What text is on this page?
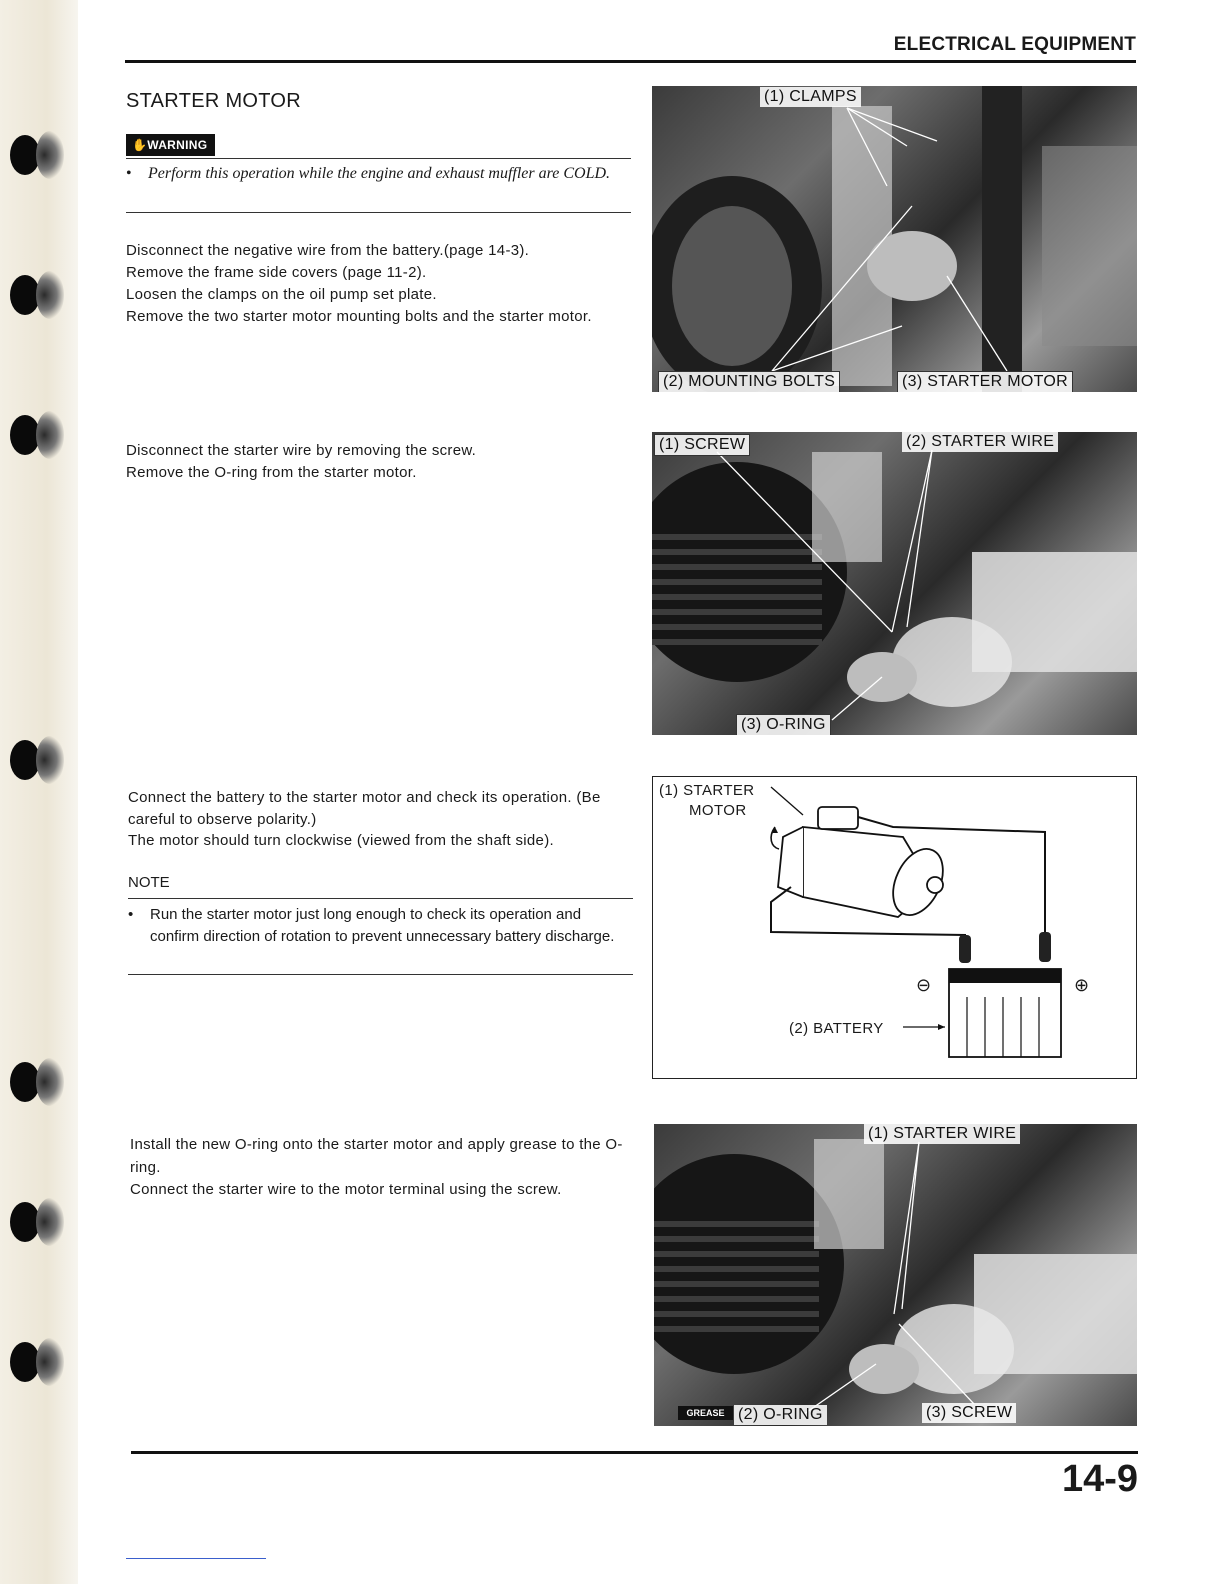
ELECTRICAL EQUIPMENT
STARTER MOTOR
✋WARNING
•	Perform this operation while the engine and exhaust muffler are COLD.

Disconnect the negative wire from the battery.(page 14-3).

Remove the frame side covers (page 11-2).

Loosen the clamps on the oil pump set plate.

Remove the two starter motor mounting bolts and the starter motor.

(1) CLAMPS
(2) MOUNTING BOLTS	(3) STARTER MOTOR

Disconnect the starter wire by removing the screw.

Remove the O-ring from the starter motor.

(1) SCREW	(2) STARTER WIRE
(3) O-RING

Connect the battery to the starter motor and check its operation. (Be careful to observe polarity.)

The motor should turn clockwise (viewed from the shaft side).

NOTE
•	Run the starter motor just long enough to check its operation and confirm direction of rotation to prevent unnecessary battery discharge.
(1) STARTER
MOTOR
(2) BATTERY
⊖	⊕

Install the new O-ring onto the starter motor and apply grease to the O-ring.

Connect the starter wire to the motor terminal using the screw.

(1) STARTER WIRE
GREASE (2) O-RING	(3) SCREW
14-9
